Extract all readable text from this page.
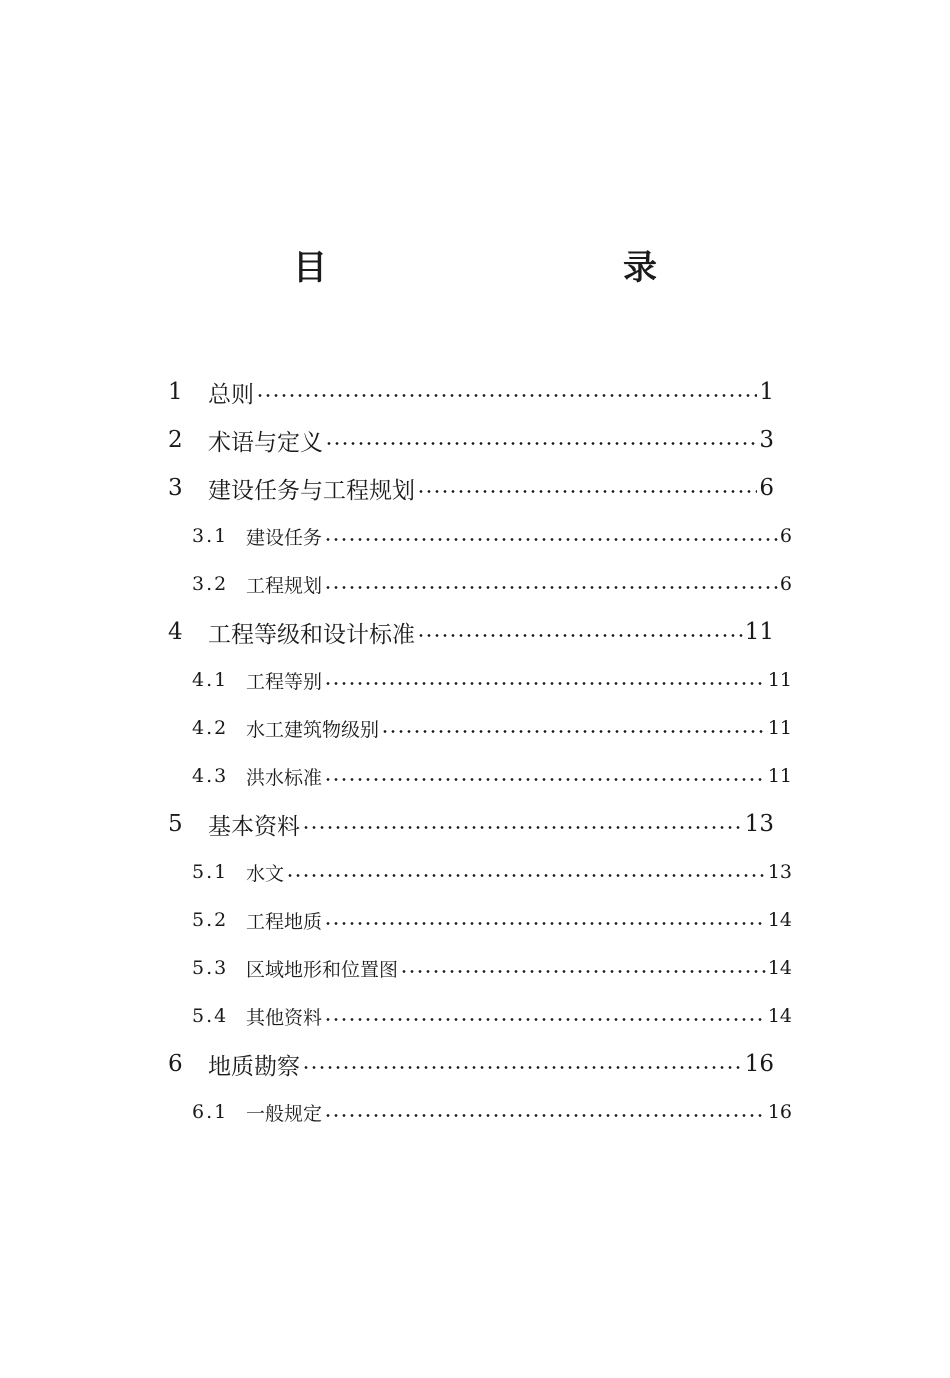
目　　录
1	总则	1
2	术语与定义	3
3	建设任务与工程规划	6
3.1 建设任务	6
3.2 工程规划	6
4	工程等级和设计标准	11
4.1 工程等别	11
4.2 水工建筑物级别	11
4.3 洪水标准	11
5	基本资料	13
5.1 水文	13
5.2 工程地质	14
5.3 区域地形和位置图	14
5.4 其他资料	14
6	地质勘察	16
6.1 一般规定	16
